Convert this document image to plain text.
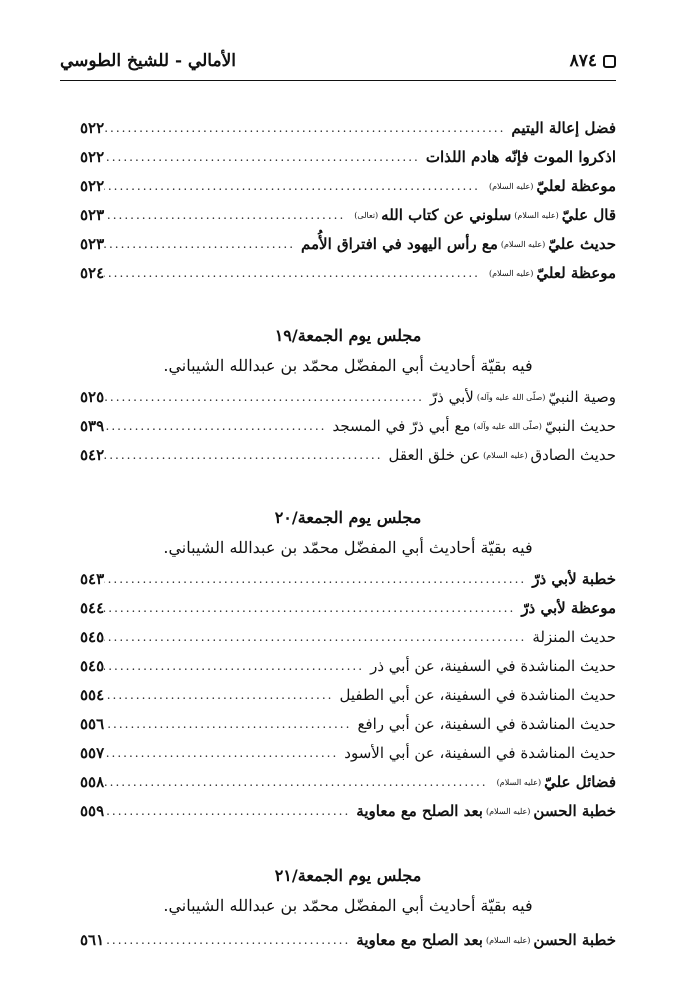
٨٧٤
الأمالي - للشيخ الطوسي
فضل إعالة اليتيم
.....
٥٢٢
اذكروا الموت فإنّه هادم اللذات
.....
٥٢٢
موعظة لعليّ(عليه السلام)
.....
٥٢٢
قال عليّ(عليه السلام)سلوني عن كتاب الله(تعالى)
.....
٥٢٣
حديث عليّ(عليه السلام)مع رأس اليهود في افتراق الأُمم
.....
٥٢٣
موعظة لعليّ(عليه السلام)
.....
٥٢٤
مجلس يوم الجمعة/١٩
فيه بقيّة أحاديث أبي المفضّل محمّد بن عبدالله الشيباني.
وصية النبيّ(صلّى الله عليه وآله)لأبي ذرّ
.....
٥٢٥
حديث النبيّ(صلّى الله عليه وآله)مع أبي ذرّ في المسجد
.....
٥٣٩
حديث الصادق(عليه السلام)عن خلق العقل
.....
٥٤٢
مجلس يوم الجمعة/٢٠
فيه بقيّة أحاديث أبي المفضّل محمّد بن عبدالله الشيباني.
خطبة لأبي ذرّ
.....
٥٤٣
موعظة لأبي ذرّ
.....
٥٤٤
حديث المنزلة
.....
٥٤٥
حديث المناشدة في السفينة، عن أبي ذر
.....
٥٤٥
حديث المناشدة في السفينة، عن أبي الطفيل
.....
٥٥٤
حديث المناشدة في السفينة، عن أبي رافع
.....
٥٥٦
حديث المناشدة في السفينة، عن أبي الأسود
.....
٥٥٧
فضائل عليّ(عليه السلام)
.....
٥٥٨
خطبة الحسن(عليه السلام)بعد الصلح مع معاوية
.....
٥٥٩
مجلس يوم الجمعة/٢١
فيه بقيّة أحاديث أبي المفضّل محمّد بن عبدالله الشيباني.
خطبة الحسن(عليه السلام)بعد الصلح مع معاوية
.....
٥٦١
